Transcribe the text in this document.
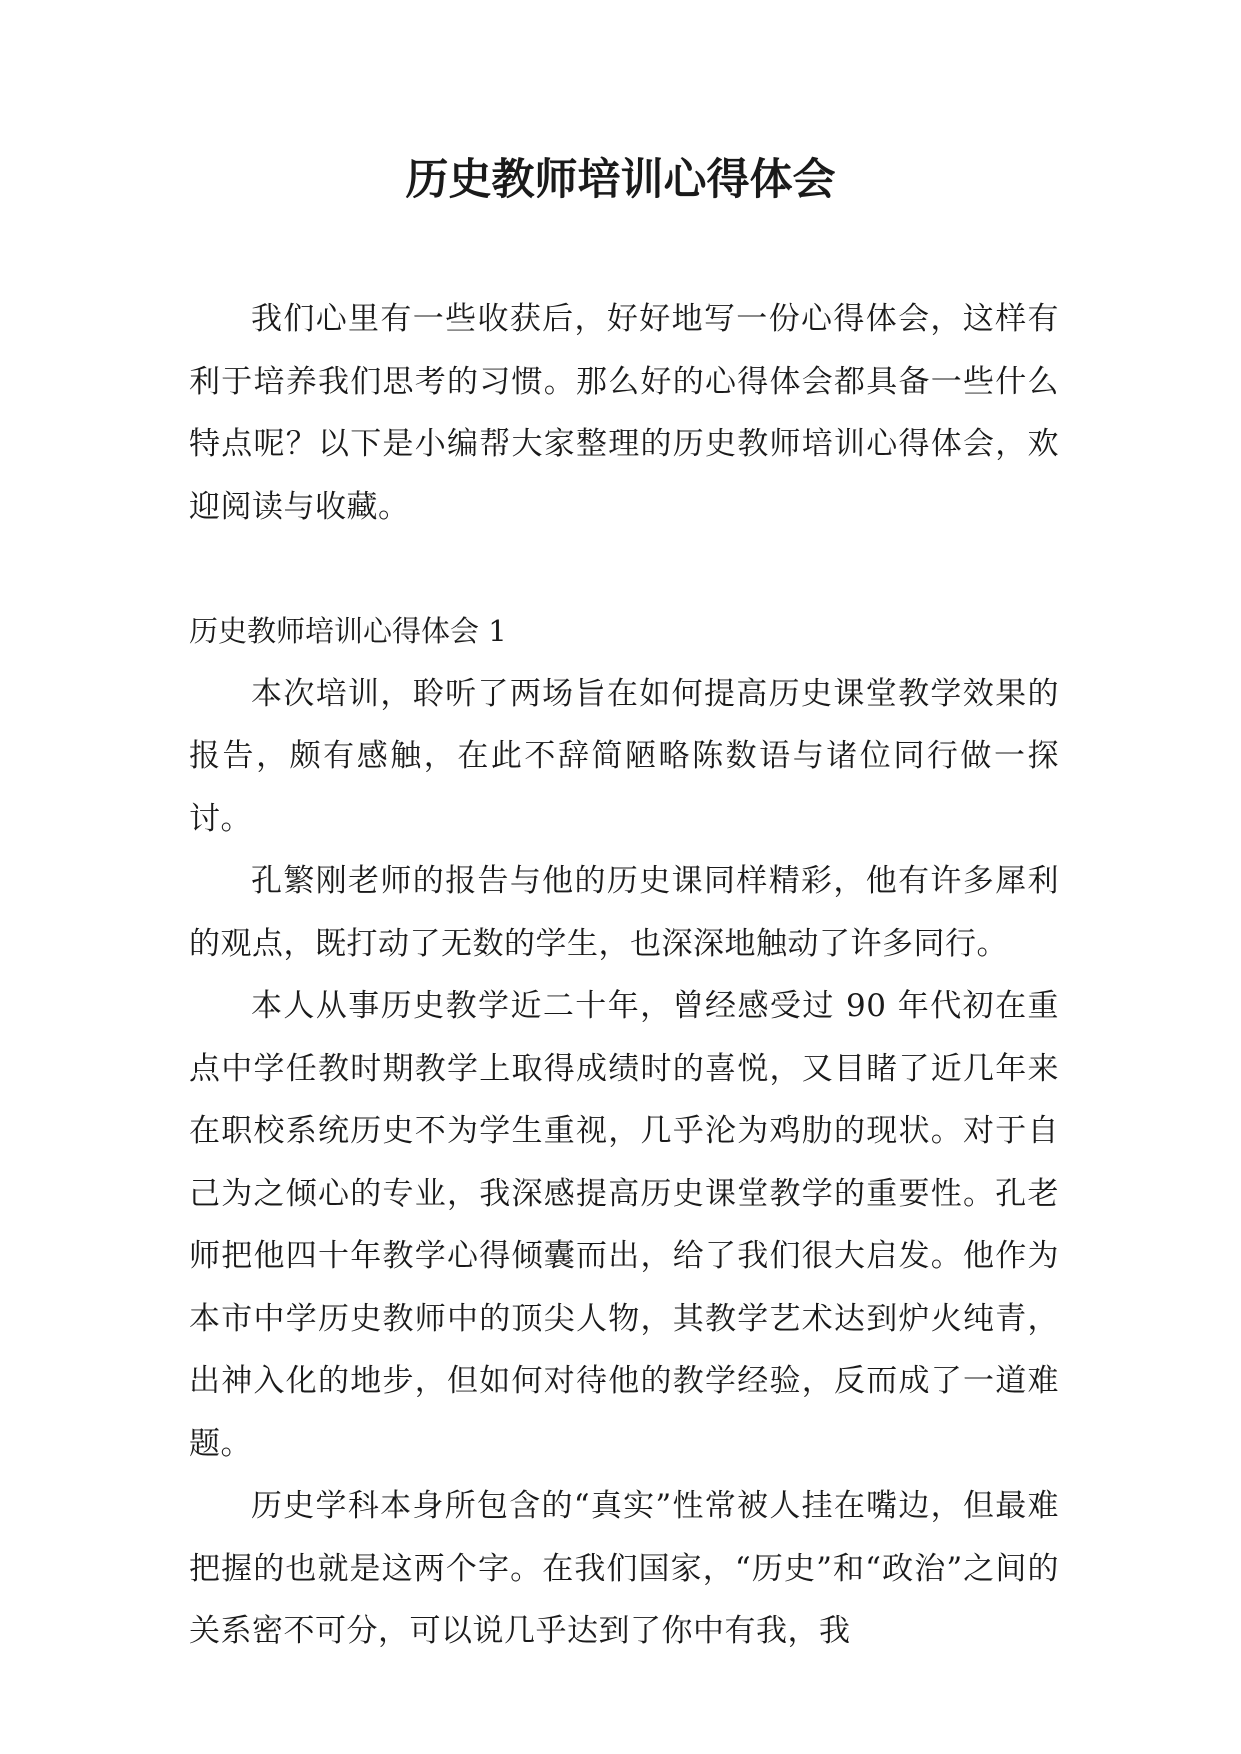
历史教师培训心得体会

我们心里有一些收获后，好好地写一份心得体会，这样有利于培养我们思考的习惯。那么好的心得体会都具备一些什么特点呢？以下是小编帮大家整理的历史教师培训心得体会，欢迎阅读与收藏。

历史教师培训心得体会 1

本次培训，聆听了两场旨在如何提高历史课堂教学效果的报告，颇有感触，在此不辞简陋略陈数语与诸位同行做一探讨。

孔繁刚老师的报告与他的历史课同样精彩，他有许多犀利的观点，既打动了无数的学生，也深深地触动了许多同行。

本人从事历史教学近二十年，曾经感受过 90 年代初在重点中学任教时期教学上取得成绩时的喜悦，又目睹了近几年来在职校系统历史不为学生重视，几乎沦为鸡肋的现状。对于自己为之倾心的专业，我深感提高历史课堂教学的重要性。孔老师把他四十年教学心得倾囊而出，给了我们很大启发。他作为本市中学历史教师中的顶尖人物，其教学艺术达到炉火纯青，出神入化的地步，但如何对待他的教学经验，反而成了一道难题。

历史学科本身所包含的“真实”性常被人挂在嘴边，但最难把握的也就是这两个字。在我们国家，“历史”和“政治”之间的关系密不可分，可以说几乎达到了你中有我，我
